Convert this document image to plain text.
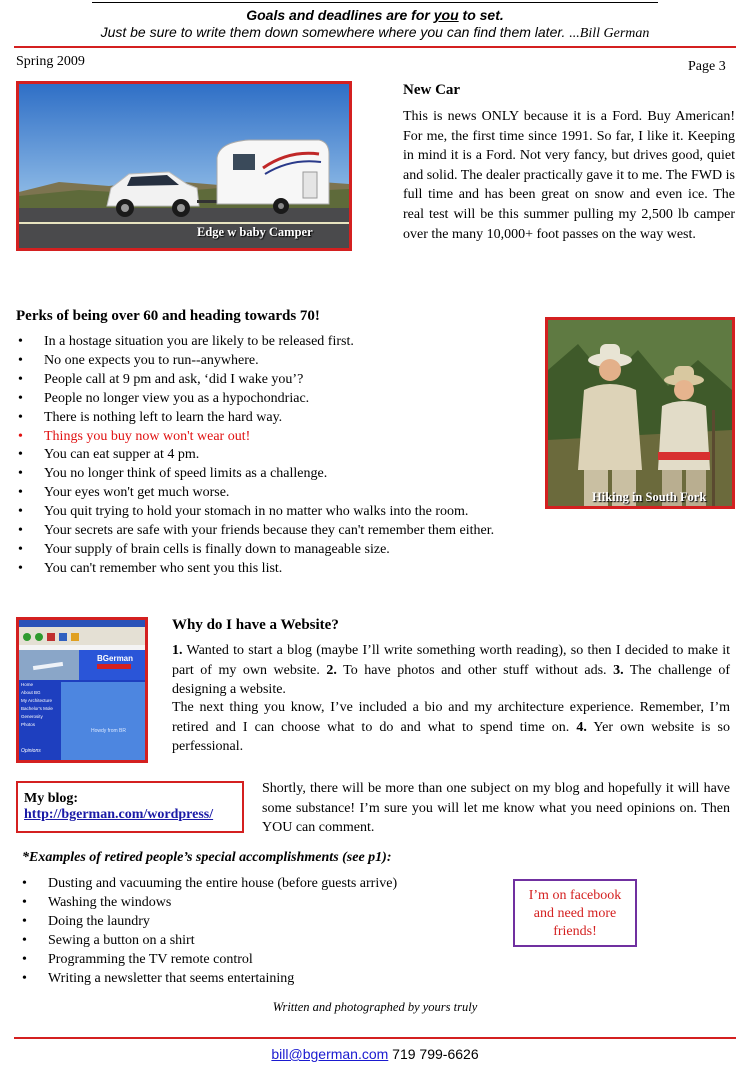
Goals and deadlines are for you to set.
Just be sure to write them down somewhere where you can find them later. ...Bill German
Spring 2009	Page 3
Edge w baby Camper
New Car
This is news ONLY because it is a Ford. Buy American! For me, the first time since 1991. So far, I like it. Keeping in mind it is a Ford. Not very fancy, but drives good, quiet and solid. The dealer practically gave it to me. The FWD is full time and has been great on snow and even ice. The real test will be this summer pulling my 2,500 lb camper over the many 10,000+ foot passes on the way west.
Perks of being over 60 and heading towards 70!
• In a hostage situation you are likely to be released first.
• No one expects you to run--anywhere.
• People call at 9 pm and ask, ‘did I wake you’?
• People no longer view you as a hypochondriac.
• There is nothing left to learn the hard way.
• Things you buy now won't wear out!
• You can eat supper at 4 pm.
• You no longer think of speed limits as a challenge.
• Your eyes won't get much worse.
• You quit trying to hold your stomach in no matter who walks into the room.
• Your secrets are safe with your friends because they can't remember them either.
• Your supply of brain cells is finally down to manageable size.
• You can't remember who sent you this list.
Hiking in South Fork
BGerman
Home
About BG
My Architecture
Bachelor's Mole
Generosity
Photos
Opinions
Howdy from BR
Why do I have a Website?
1. Wanted to start a blog (maybe I’ll write something worth reading), so then I decided to make it part of my own website. 2. To have photos and other stuff without ads. 3. The challenge of designing a website.
The next thing you know, I’ve included a bio and my architecture experience. Remember, I’m retired and I can choose what to do and what to spend time on. 4. Yer own website is so perfessional.
My blog:
http://bgerman.com/wordpress/
Shortly, there will be more than one subject on my blog and hopefully it will have some substance! I’m sure you will let me know what you need opinions on. Then YOU can comment.
*Examples of retired people’s special accomplishments (see p1):
• Dusting and vacuuming the entire house (before guests arrive)
• Washing the windows
• Doing the laundry
• Sewing a button on a shirt
• Programming the TV remote control
• Writing a newsletter that seems entertaining
I’m on facebook and need more friends!
Written and photographed by yours truly
bill@bgerman.com 719 799-6626
